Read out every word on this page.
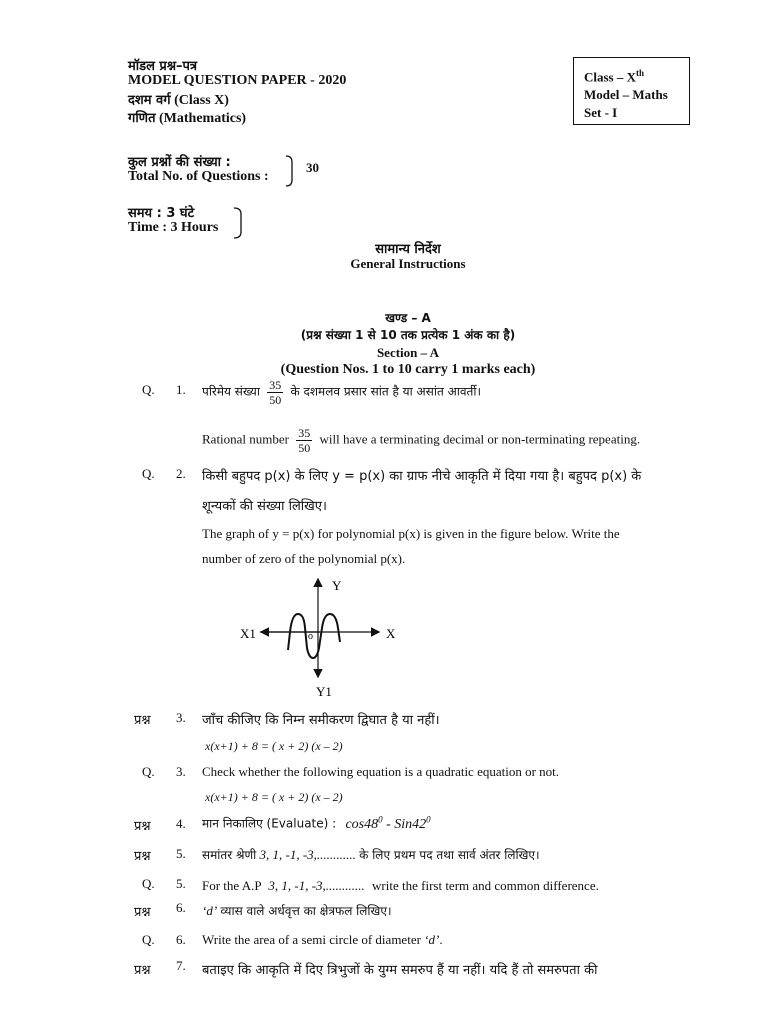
मॉडल प्रश्न–पत्र
MODEL QUESTION PAPER - 2020
दशम वर्ग (Class X)
गणित (Mathematics)
Class – Xth
Model – Maths
Set - I
कुल प्रश्नों की संख्या :
Total No. of Questions :
30
समय : 3 घंटे
Time : 3 Hours
सामान्य निर्देश
General Instructions
खण्ड – A
(प्रश्न संख्या 1 से 10 तक प्रत्येक 1 अंक का है)
Section – A
(Question Nos. 1 to 10 carry 1 marks each)
Q. 1. परिमेय संख्या $\frac{35}{50}$ के दशमलव प्रसार सांत है या असांत आवर्ती।
Rational number $\frac{35}{50}$ will have a terminating decimal or non-terminating repeating.
Q. 2. किसी बहुपद p(x) के लिए y = p(x) का ग्राफ नीचे आकृति में दिया गया है। बहुपद p(x) के
शून्यकों की संख्या लिखिए।
The graph of y = p(x) for polynomial p(x) is given in the figure below. Write the
number of zero of the polynomial p(x).
Y
Y1
X
X1	o
प्रश्न 3. जाँच कीजिए कि निम्न समीकरण द्विघात है या नहीं।
x(x+1) + 8 = ( x + 2) (x – 2)
Q. 3. Check whether the following equation is a quadratic equation or not.
x(x+1) + 8 = ( x + 2) (x – 2)
प्रश्न 4. मान निकालिए (Evaluate) : $\cos 48^0 - Sin42^0$
प्रश्न 5. समांतर श्रेणी 3, 1, -1, -3,............ के लिए प्रथम पद तथा सार्व अंतर लिखिए।
Q. 5. For the A.P 3, 1, -1, -3,............ write the first term and common difference.
प्रश्न 6. ‘d’ व्यास वाले अर्धवृत्त का क्षेत्रफल लिखिए।
Q. 6. Write the area of a semi circle of diameter ‘d’.
प्रश्न 7. बताइए कि आकृति में दिए त्रिभुजों के युग्म समरुप हैं या नहीं। यदि हैं तो समरुपता की
